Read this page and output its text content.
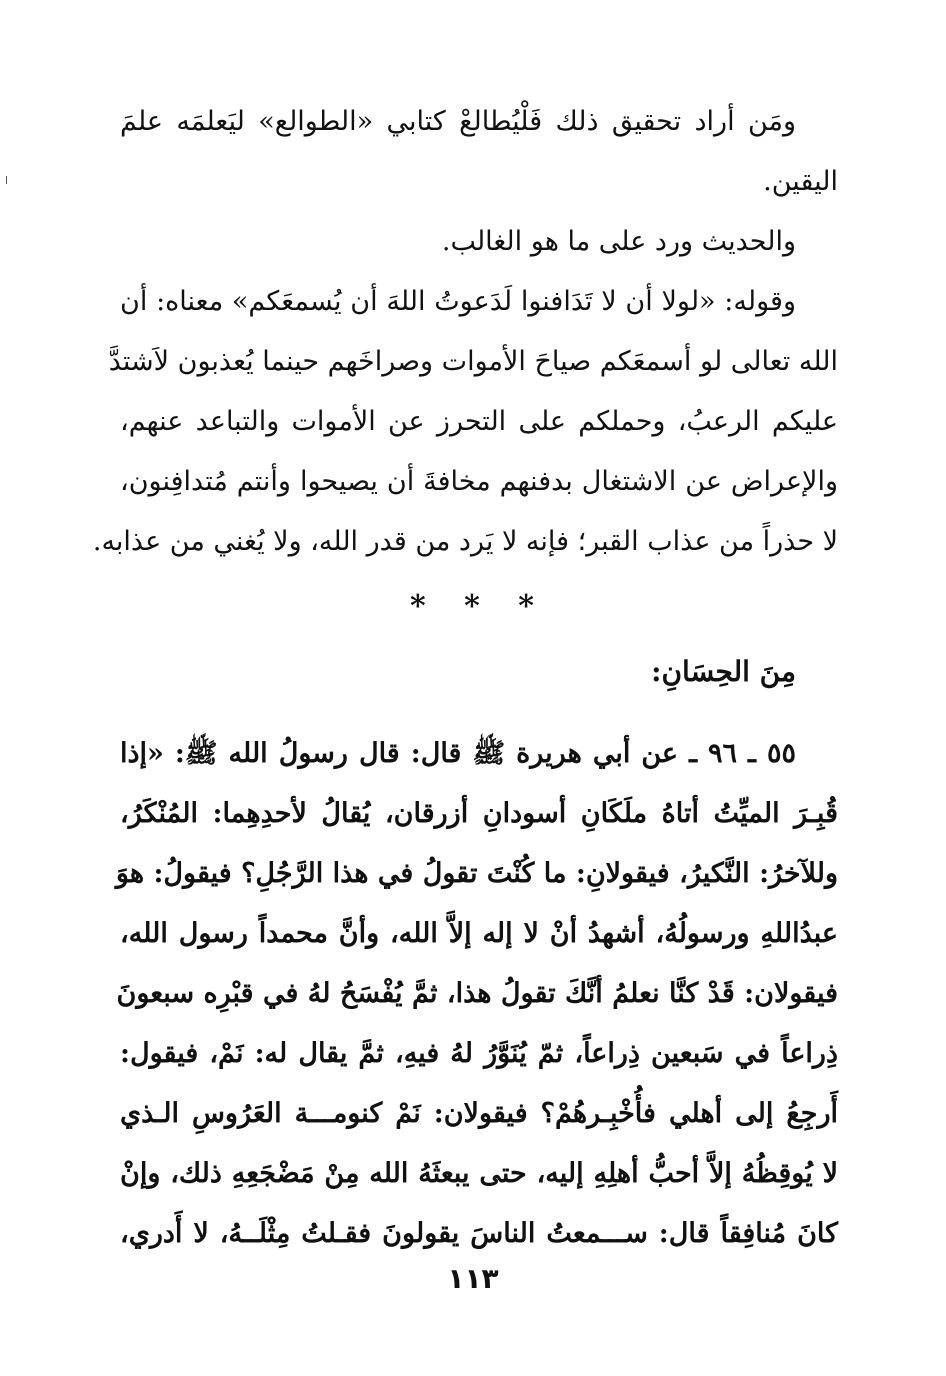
ومَن أراد تحقيق ذلك فَلْيُطالعْ كتابي «الطوالع» ليَعلمَه علمَ
اليقين.
والحديث ورد على ما هو الغالب.
وقوله: «لولا أن لا تَدَافنوا لَدَعوتُ اللهَ أن يُسمعَكم» معناه: أن
الله تعالى لو أسمعَكم صياحَ الأموات وصراخَهم حينما يُعذبون لاَشتدَّ
عليكم الرعبُ، وحملكم على التحرز عن الأموات والتباعد عنهم،
والإعراض عن الاشتغال بدفنهم مخافةَ أن يصيحوا وأنتم مُتدافِنون،
لا حذراً من عذاب القبر؛ فإنه لا يَرد من قدر الله، ولا يُغني من عذابه.
* * *
مِنَ الحِسَانِ:
٥٥ ـ ٩٦ ـ عن أبي هريرة ﷺ قال: قال رسولُ الله ﷺ: «إذا
قُبِـرَ الميِّتُ أتاهُ ملَكَانِ أسودانِ أزرقان، يُقالُ لأحدِهِما: المُنْكَرُ،
وللآخرُ: النَّكيرُ، فيقولانِ: ما كُنْتَ تقولُ في هذا الرَّجُلِ؟ فيقولُ: هوَ
عبدُاللهِ ورسولُهُ، أشهدُ أنْ لا إله إلاَّ الله، وأنَّ محمداً رسول الله،
فيقولان: قَدْ كنَّا نعلمُ أنَّكَ تقولُ هذا، ثمَّ يُفْسَحُ لهُ في قبْرِه سبعونَ
ذِراعاً في سَبعين ذِراعاً، ثمّ يُنَوَّرُ لهُ فيهِ، ثمَّ يقال له: نَمْ، فيقول:
أَرجِعُ إلى أهلي فأُخْبِـرهُمْ؟ فيقولان: نَمْ كنومـــة العَرُوسِ الـذي
لا يُوقِظُهُ إلاَّ أحبُّ أهلِهِ إليه، حتى يبعثَهُ الله مِنْ مَضْجَعِهِ ذلك، وإنْ
كانَ مُنافِقاً قال: ســـمعتُ الناسَ يقولونَ فقـلتُ مِثْلَــهُ، لا أَدري،
١١٣
